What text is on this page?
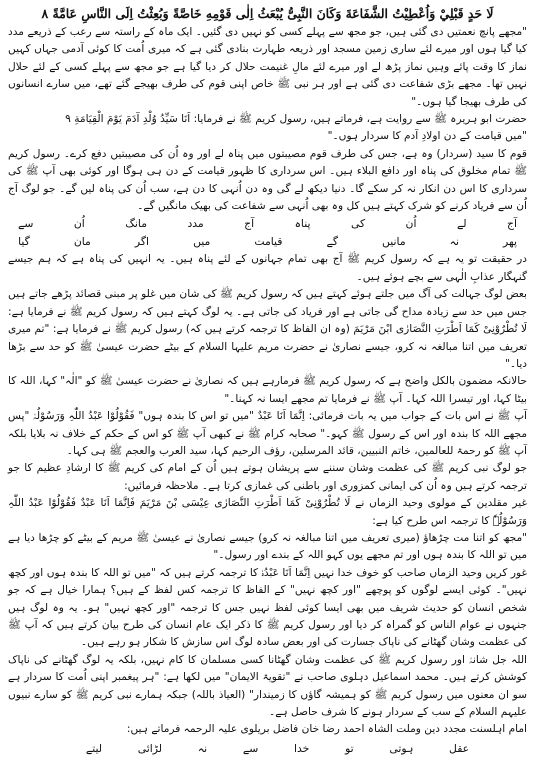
لَا حَدٍ قَبْلِيْ وَاُعْطِیْتُ الشَّفَاعَةَ وَکَانَ النَّبِیُّ یُبْعَثُ اِلٰی قَوْمِهِ خَاصَّةً وَبُعِثْتُ اِلَی النَّاسِ عَامَّةً ۸

"مجھے پانچ نعمتیں دی گئی ہیں، جو مجھ سے پہلے کسی کو نہیں دی گئیں۔ ایک ماہ کے راستہ سے رعب کے ذریعے مدد کیا گیا ہوں اور میرے لئے ساری زمین مسجد اور ذریعہ طہارت بنادی گئی ہے کہ میری اُمت کا کوئی آدمی جہاں کہیں نماز کا وقت پائے وہیں نماز پڑھ لے اور میرے لئے مالِ غنیمت حلال کر دیا گیا ہے جو مجھ سے پہلے کسی کے لئے حلال نہیں تھا۔ مجھے بڑی شفاعت دی گئی ہے اور ہر نبی ﷺ خاص اپنی قوم کی طرف بھیجے گئے تھے، میں سارے انسانوں کی طرف بھیجا گیا ہوں۔"

حضرت ابو ہریرہ ﷺ سے روایت ہے، فرماتے ہیں، رسول کریم ﷺ نے فرمایا: اَنَا سَیِّدُ وُلْدِ آدَمَ یَوْمَ الْقِیَامَةِ ۹

"میں قیامت کے دن اولادِ آدم کا سردار ہوں۔"

قوم کا سید (سردار) وہ ہے، جس کی طرف قوم مصیبتوں میں پناہ لے اور وہ اُن کی مصیبتیں دفع کرے۔ رسول کریم ﷺ تمام مخلوق کی پناہ اور دافع البلاء ہیں۔ اس سرداری کا ظہور قیامت کے دن ہی ہوگا اور کوئی بھی آپ ﷺ کی سرداری کا اس دن انکار نہ کر سکے گا۔ دنیا دیکھ لے گی وہ دن اُنہی کا دن ہے، سب اُن کی پناہ لیں گے۔ جو لوگ آج اُن سے فریاد کرنے کو شرک کہتے ہیں کل وہ بھی اُنہی سے شفاعت کی بھیک مانگیں گے۔

آج
لے
اُن
کی
پناہ
آج
مدد
مانگ
اُن
سے
پھر
نہ
مانیں
گے
قیامت
میں
اگر
مان
گیا

در حقیقت تو یہ ہے کہ رسول کریم ﷺ آج بھی تمام جہانوں کے لئے پناہ ہیں۔ یہ انہیں کی پناہ ہے کہ ہم جیسے گنہگار عذابِ الٰہی سے بچے ہوئے ہیں۔

بعض لوگ جہالت کی آگ میں جلتے ہوئے کہتے ہیں کہ رسول کریم ﷺ کی شان میں غلو پر مبنی قصائد پڑھے جاتے ہیں جس میں حد سے زیادہ مداح گی جاتی ہے اور فریاد کی جاتی ہے۔ یہ لوگ کہتے ہیں کہ رسول کریم ﷺ نے فرمایا ہے: لَا تُطْرُوْنِیْ کَمَا اَطْرَتِ النَّصَارٰی ابْنَ مَرْیَمَ (وہ ان الفاظ کا ترجمہ کرتے ہیں کہ) رسول کریم ﷺ نے فرمایا ہے: "تم میری تعریف میں اتنا مبالغہ نہ کرو، جیسے نصاریٰ نے حضرت مریم علیہا السلام کے بیٹے حضرت عیسیٰ ﷺ کو حد سے بڑھا دیا۔"

حالانکہ مضمون بالکل واضح ہے کہ رسول کریم ﷺ فرمارہے ہیں کہ نصاریٰ نے حضرت عیسیٰ ﷺ کو "الٰہ" کہا، اللہ کا بیٹا کہا، اور تیسرا اللہ کہا۔ آپ ﷺ نے فرمایا تم مجھے ایسا نہ کہنا۔"

آپ ﷺ نے اس بات کے جواب میں یہ بات فرمائی: اِنَّمَا اَنَا عَبْدٌ "میں تو اس کا بندہ ہوں" فَقُوْلُوْا عَبْدُ اللّٰہِ وَرَسُوْلُہٗ "پس مجھے اللہ کا بندہ اور اس کے رسول ﷺ کہو۔" صحابہ کرام ﷺ نے کبھی آپ ﷺ کو اس کے حکم کے خلاف نہ بلایا بلکہ آپ ﷺ کو رحمۃ للعالمین، خاتم النبیین، قائد المرسلین، رؤف الرحیم کہا، سید العرب والعجم ﷺ ہی کہا۔

جو لوگ نبی کریم ﷺ کی عظمت وشان سننے سے پریشان ہوتے ہیں اُن کے امام کی کریم ﷺ کا ارشادِ عظیم کا جو ترجمہ کرتے ہیں وہ اُن کی ایمانی کمزوری اور باطنی کی غمازی کرتا ہے۔ ملاحظہ فرمائیں:

غیر مقلدین کے مولوی وحید الزماں نے لَا تُطْرُوْنِیْ کَمَا اَطْرَتِ النَّصَارٰی عِیْسَی بْنَ مَرْیَمَ فَاِنَّمَا اَنَا عَبْدٌ فَقُوْلُوْا عَبْدُ اللّٰہِ وَرَسُوْلُہٗ کا ترجمہ اس طرح کیا ہے:

"مجھ کو اتنا مت چڑھاؤ (میری تعریف میں اتنا مبالغہ نہ کرو) جیسے نصاریٰ نے عیسیٰ ﷺ مریم کے بیٹے کو چڑھا دیا ہے میں تو اللہ کا بندہ ہوں اور تم مجھے یوں کہو اللہ کے بندے اور رسول۔"

غور کریں وحید الزماں صاحب کو خوف خدا نہیں اِنَّمَا اَنَا عَبْدُہٗ کا ترجمہ کرتے ہیں کہ "میں تو اللہ کا بندہ ہوں اور کچھ نہیں"۔ کوئی ایسے لوگوں کو پوچھے "اور کچھ نہیں" کے الفاظ کا ترجمہ کس لفظ کے ہیں؟ ہمارا خیال ہے کہ جو شخص انسان کو حدیث شریف میں بھی ایسا کوئی لفظ نہیں جس کا ترجمہ "اور کچھ نہیں" ہو۔ یہ وہ لوگ ہیں جنہوں نے عوام الناس کو گمراہ کر دیا اور رسول کریم ﷺ کا ذکر ایک عام انسان کی طرح بیان کرتے ہیں کہ آپ ﷺ کی عظمت وشان گھٹانے کی ناپاک جسارت کی اور بعض سادہ لوگ اس سازش کا شکار ہو رہے ہیں۔

اللہ جل شانہٗ اور رسول کریم ﷺ کی عظمت وشان گھٹانا کسی مسلمان کا کام نہیں، بلکہ یہ لوگ گھٹانے کی ناپاک کوشش کرتے ہیں۔ محمد اسماعیل دہلوی صاحب نے "تقویۃ الایمان" میں لکھا ہے: "ہر پیغمبر اپنی اُمت کا سردار ہے سو ان معنوں میں رسول کریم ﷺ کو ہمیشہ گاؤں کا زمیندار" (العیاذ باللہ) جبکہ ہمارے نبی کریم ﷺ کو سارے نبیوں علیہم السلام کے سب کے سردار ہونے کا شرف حاصل ہے۔

امام اہلسنت مجدد دین وملت الشاہ احمد رضا خان فاضل بریلوی علیہ الرحمہ فرماتے ہیں:

عقل
ہوتی
تو
خدا
سے
نہ
لڑائی
لیتے
